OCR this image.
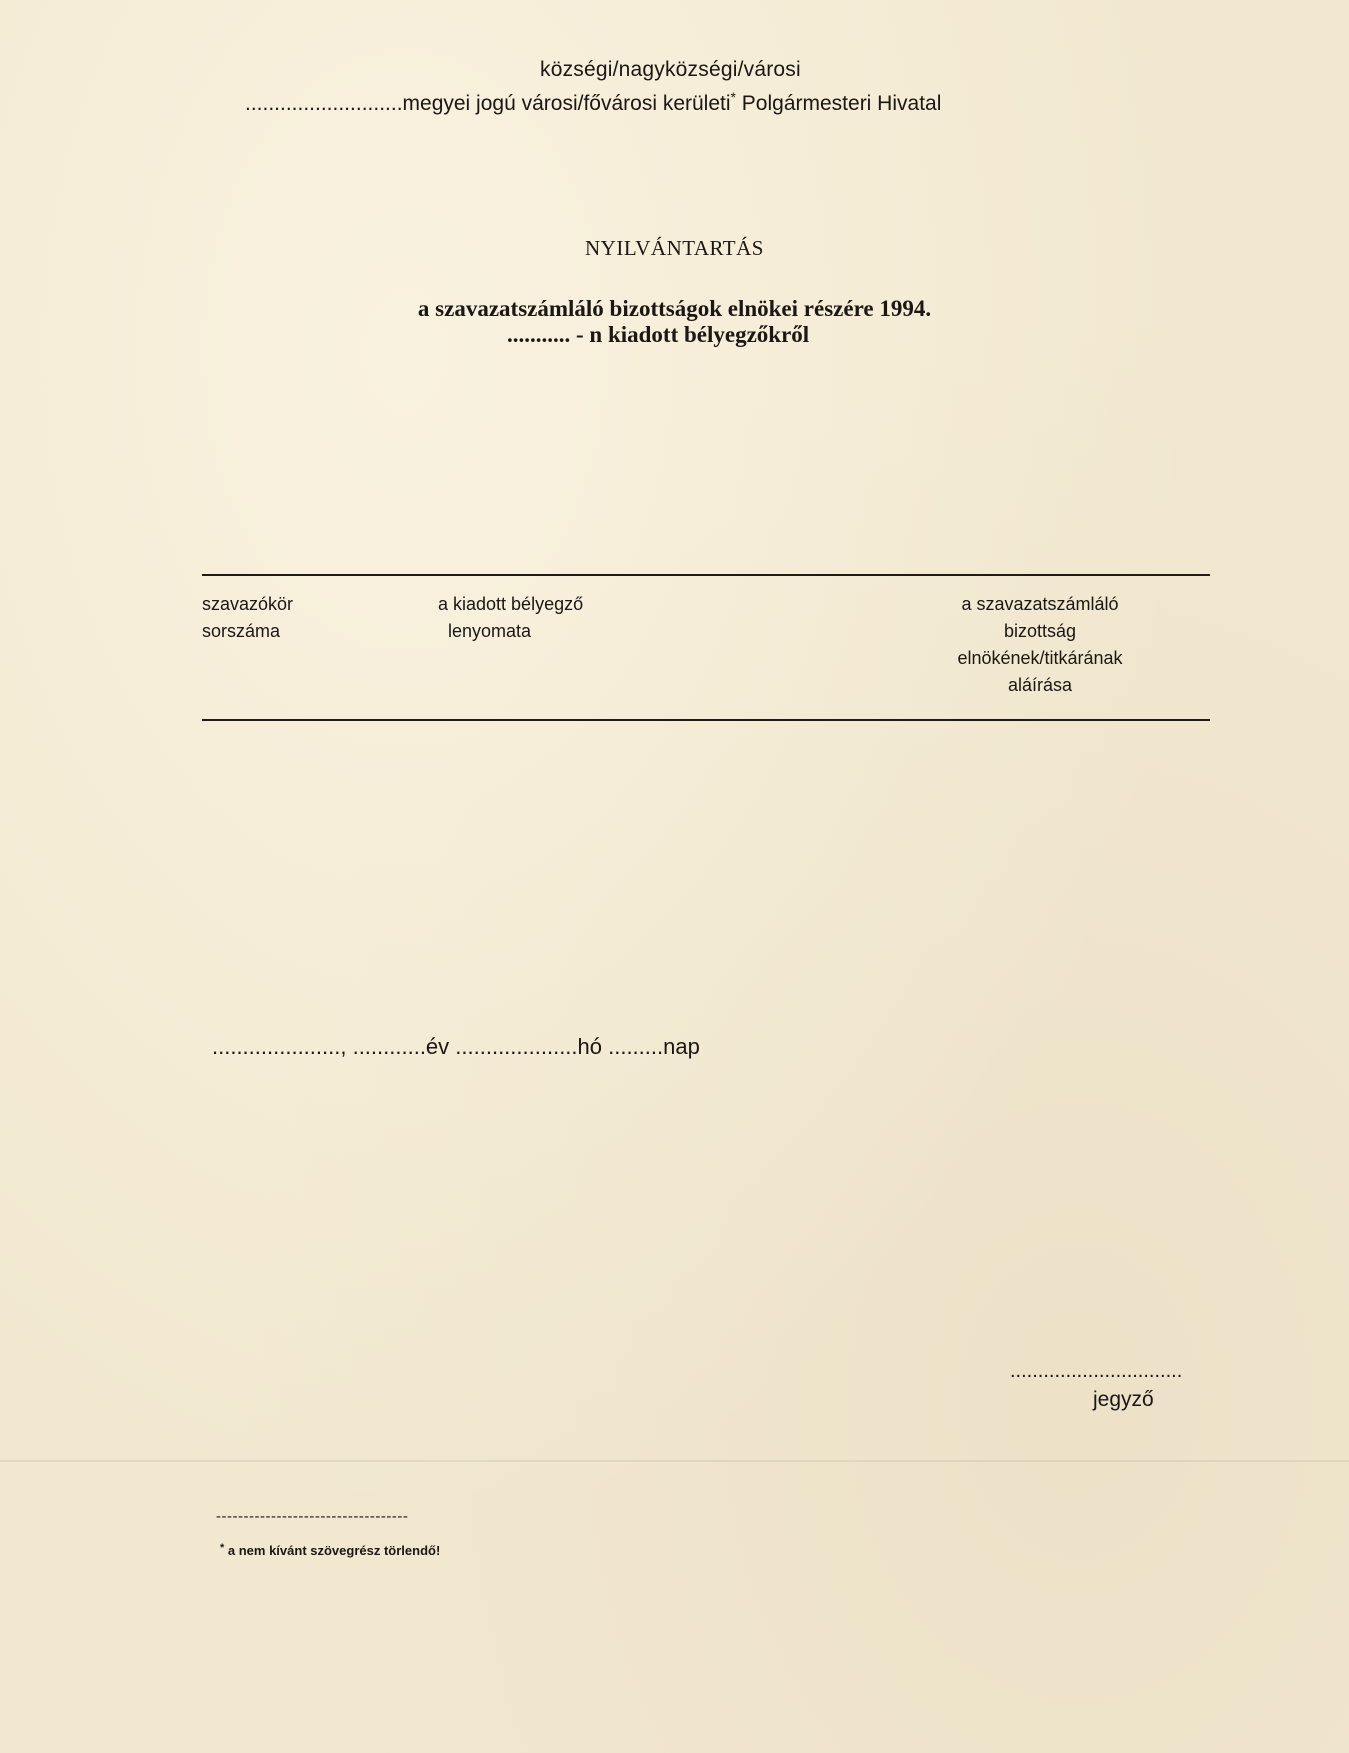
községi/nagyközségi/városi
...........................megyei jogú városi/fővárosi kerületi* Polgármesteri Hivatal
NYILVÁNTARTÁS
a szavazatszámláló bizottságok elnökei részére 1994.
........... - n kiadott bélyegzőkről
szavazókör
sorszáma
a kiadott bélyegző
lenyomata
a szavazatszámláló
bizottság
elnökének/titkárának
aláírása
....................., ............év ....................hó .........nap
...............................
jegyző
-----------------------------------
* a nem kívánt szövegrész törlendő!
